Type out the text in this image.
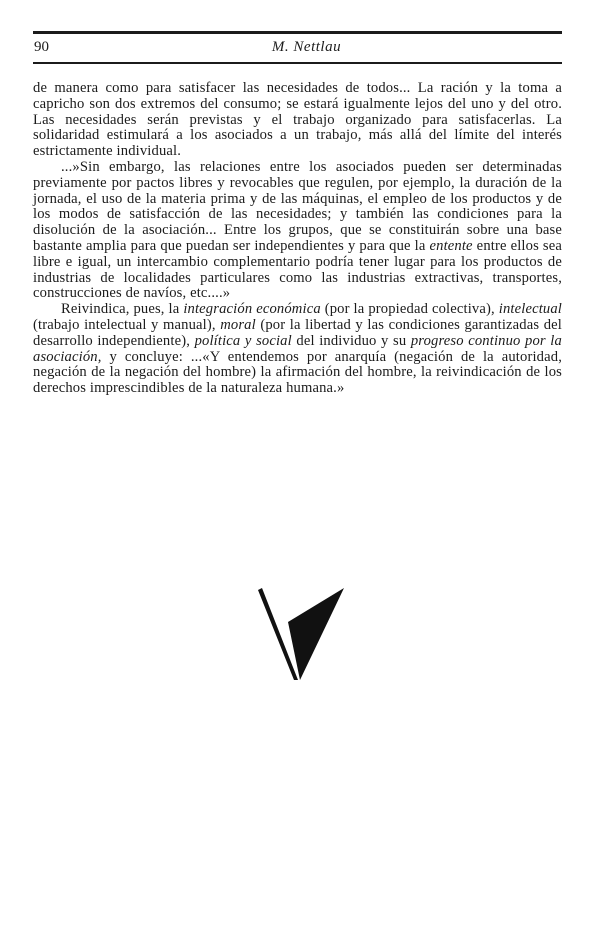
90	M. Nettlau

de manera como para satisfacer las necesidades de todos... La ración y la toma a capricho son dos extremos del consumo; se estará igualmente lejos del uno y del otro. Las necesidades serán previstas y el trabajo organizado para satisfacerlas. La solidaridad estimulará a los asociados a un trabajo, más allá del límite del interés estrictamente individual.

...»Sin embargo, las relaciones entre los asociados pueden ser determinadas previamente por pactos libres y revocables que regulen, por ejemplo, la duración de la jornada, el uso de la materia prima y de las máquinas, el empleo de los productos y de los modos de satisfacción de las necesidades; y también las condiciones para la disolución de la asociación... Entre los grupos, que se constituirán sobre una base bastante amplia para que puedan ser independientes y para que la entente entre ellos sea libre e igual, un intercambio complementario podría tener lugar para los productos de industrias de localidades particulares como las industrias extractivas, transportes, construcciones de navíos, etc....»

Reivindica, pues, la integración económica (por la propiedad colectiva), intelectual (trabajo intelectual y manual), moral (por la libertad y las condiciones garantizadas del desarrollo independiente), política y social del individuo y su progreso continuo por la asociación, y concluye: ...«Y entendemos por anarquía (negación de la autoridad, negación de la negación del hombre) la afirmación del hombre, la reivindicación de los derechos imprescindibles de la naturaleza humana.»
